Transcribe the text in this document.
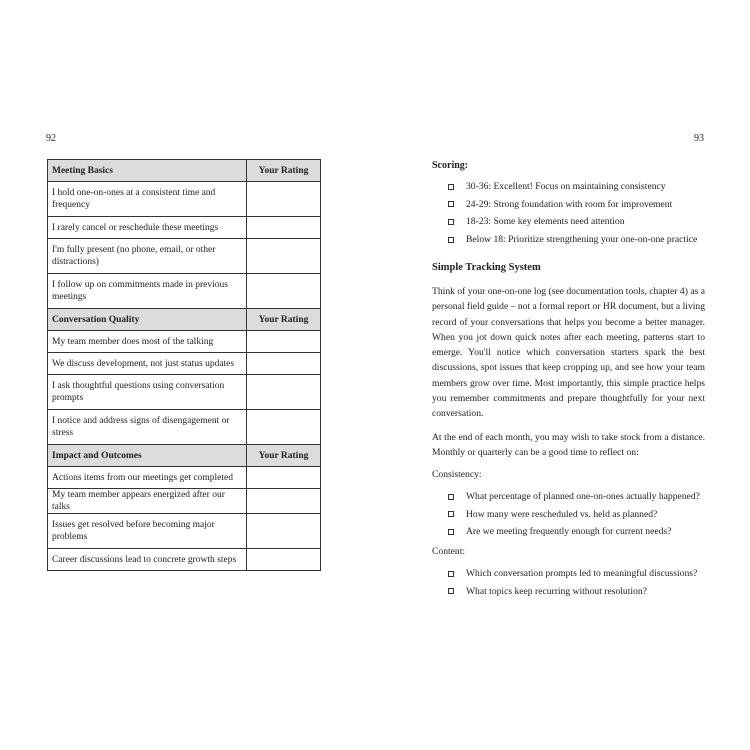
92
Meeting Basics	Your Rating
I hold one-on-ones at a consistent time and frequency	
I rarely cancel or reschedule these meetings	
I'm fully present (no phone, email, or other distractions)	
I follow up on commitments made in previous meetings	
Conversation Quality	Your Rating
My team member does most of the talking	
We discuss development, not just status updates	
I ask thoughtful questions using conversation prompts	
I notice and address signs of disengagement or stress	
Impact and Outcomes	Your Rating
Actions items from our meetings get completed	
My team member appears energized after our talks	
Issues get resolved before becoming major problems	
Career discussions lead to concrete growth steps	
93

Scoring:

30-36: Excellent! Focus on maintaining consistency
24-29: Strong foundation with room for improvement
18-23: Some key elements need attention
Below 18: Prioritize strengthening your one-on-one practice

Simple Tracking System

Think of your one-on-one log (see documentation tools, chapter 4) as a personal field guide – not a formal report or HR document, but a living record of your conversations that helps you become a better manager. When you jot down quick notes after each meeting, patterns start to emerge. You'll notice which conversation starters spark the best discussions, spot issues that keep cropping up, and see how your team members grow over time. Most importantly, this simple practice helps you remember commitments and prepare thoughtfully for your next conversation.

At the end of each month, you may wish to take stock from a distance. Monthly or quarterly can be a good time to reflect on:

Consistency:

What percentage of planned one-on-ones actually happened?
How many were rescheduled vs. held as planned?
Are we meeting frequently enough for current needs?

Content:

Which conversation prompts led to meaningful discussions?
What topics keep recurring without resolution?
